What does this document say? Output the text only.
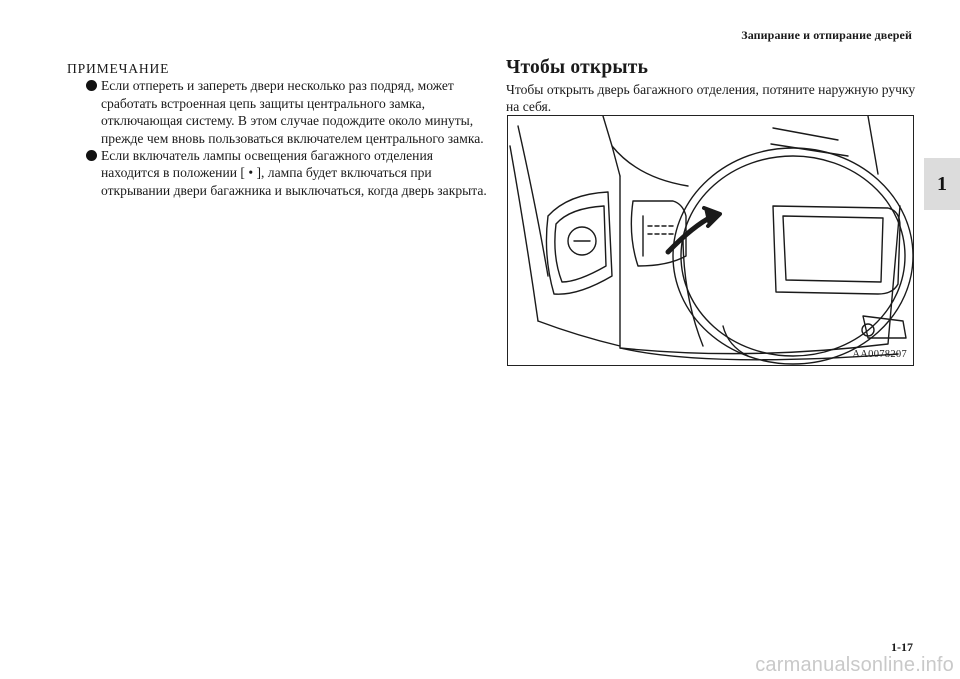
Запирание и отпирание дверей
1
ПРИМЕЧАНИЕ
Если отпереть и запереть двери несколько раз подряд, может сработать встроенная цепь защиты центрального замка, отключающая систему. В этом случае подождите около минуты, прежде чем вновь пользоваться включателем центрального замка.
Если включатель лампы освещения багажного отделения находится в положении [ • ], лампа будет включаться при открывании двери багажника и выключаться, когда дверь закрыта.
Чтобы открыть
Чтобы открыть дверь багажного отделения, потяните наружную ручку на себя.
AA0078207
1-17
carmanualsonline.info
